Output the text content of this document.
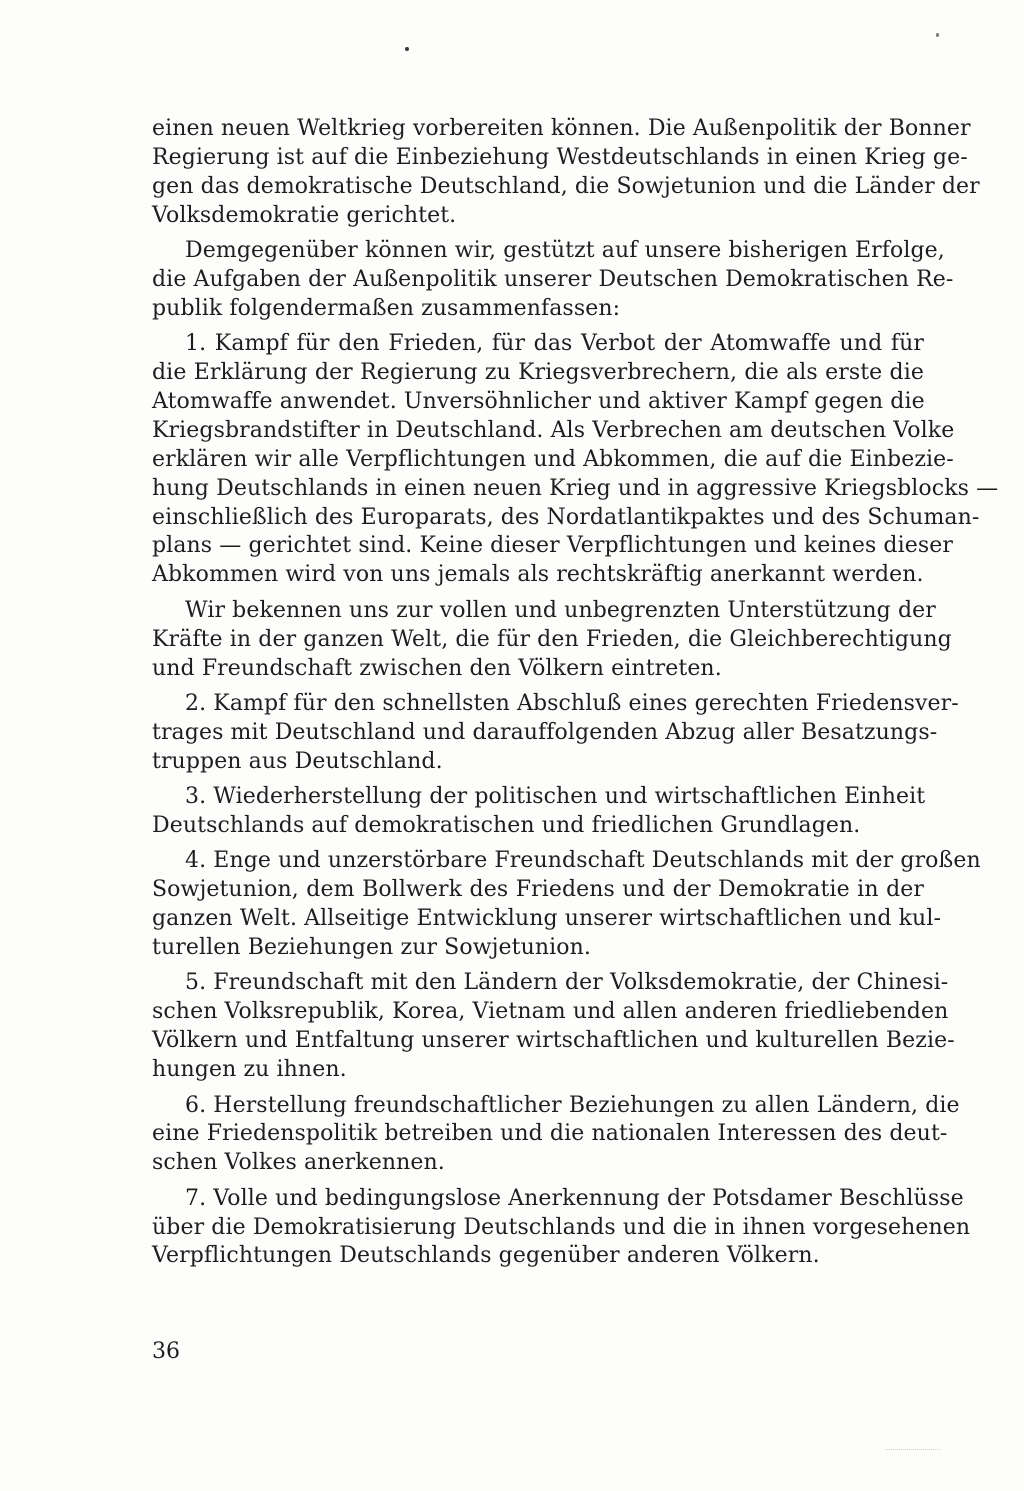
einen neuen Weltkrieg vorbereiten können. Die Außenpolitik der Bonner
Regierung ist auf die Einbeziehung Westdeutschlands in einen Krieg ge-
gen das demokratische Deutschland, die Sowjetunion und die Länder der
Volksdemokratie gerichtet.
Demgegenüber können wir, gestützt auf unsere bisherigen Erfolge,
die Aufgaben der Außenpolitik unserer Deutschen Demokratischen Re-
publik folgendermaßen zusammenfassen:
1. Kampf für den Frieden, für das Verbot der Atomwaffe und für
die Erklärung der Regierung zu Kriegsverbrechern, die als erste die
Atomwaffe anwendet. Unversöhnlicher und aktiver Kampf gegen die
Kriegsbrandstifter in Deutschland. Als Verbrechen am deutschen Volke
erklären wir alle Verpflichtungen und Abkommen, die auf die Einbezie-
hung Deutschlands in einen neuen Krieg und in aggressive Kriegsblocks —
einschließlich des Europarats, des Nordatlantikpaktes und des Schuman-
plans — gerichtet sind. Keine dieser Verpflichtungen und keines dieser
Abkommen wird von uns jemals als rechtskräftig anerkannt werden.
Wir bekennen uns zur vollen und unbegrenzten Unterstützung der
Kräfte in der ganzen Welt, die für den Frieden, die Gleichberechtigung
und Freundschaft zwischen den Völkern eintreten.
2. Kampf für den schnellsten Abschluß eines gerechten Friedensver-
trages mit Deutschland und darauffolgenden Abzug aller Besatzungs-
truppen aus Deutschland.
3. Wiederherstellung der politischen und wirtschaftlichen Einheit
Deutschlands auf demokratischen und friedlichen Grundlagen.
4. Enge und unzerstörbare Freundschaft Deutschlands mit der großen
Sowjetunion, dem Bollwerk des Friedens und der Demokratie in der
ganzen Welt. Allseitige Entwicklung unserer wirtschaftlichen und kul-
turellen Beziehungen zur Sowjetunion.
5. Freundschaft mit den Ländern der Volksdemokratie, der Chinesi-
schen Volksrepublik, Korea, Vietnam und allen anderen friedliebenden
Völkern und Entfaltung unserer wirtschaftlichen und kulturellen Bezie-
hungen zu ihnen.
6. Herstellung freundschaftlicher Beziehungen zu allen Ländern, die
eine Friedenspolitik betreiben und die nationalen Interessen des deut-
schen Volkes anerkennen.
7. Volle und bedingungslose Anerkennung der Potsdamer Beschlüsse
über die Demokratisierung Deutschlands und die in ihnen vorgesehenen
Verpflichtungen Deutschlands gegenüber anderen Völkern.
36
